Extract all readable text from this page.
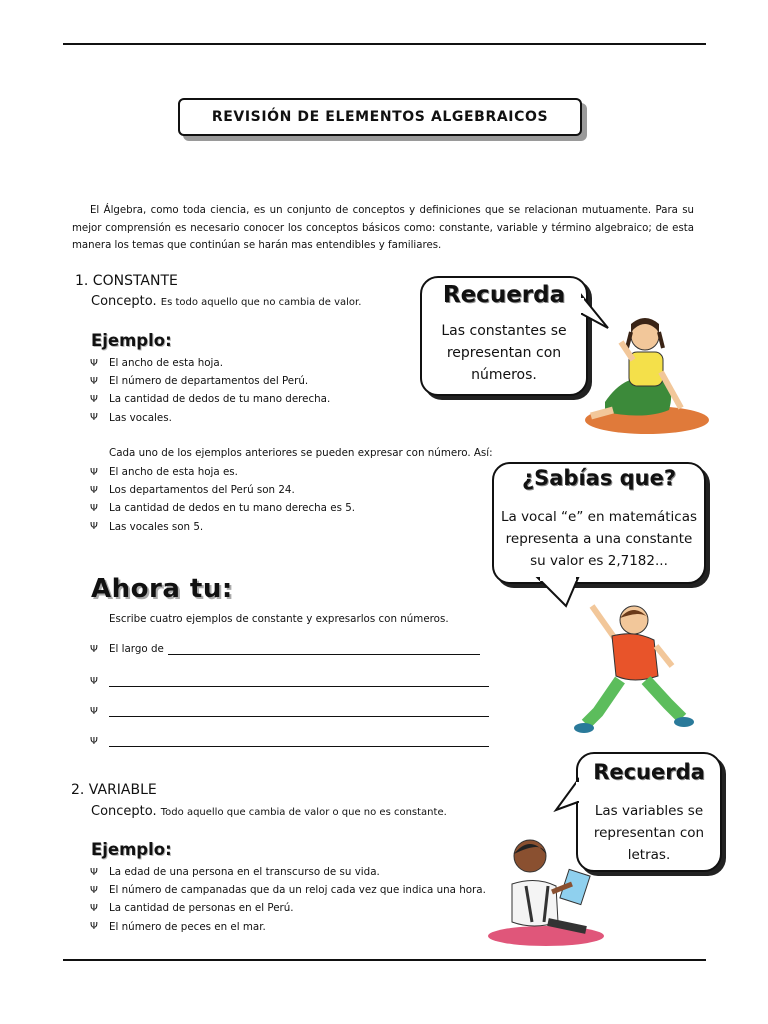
REVISIÓN DE ELEMENTOS ALGEBRAICOS
El Álgebra, como toda ciencia, es un conjunto de conceptos y definiciones que se relacionan mutuamente. Para su mejor comprensión es necesario conocer los conceptos básicos como: constante, variable y término algebraico; de esta manera los temas que continúan se harán mas entendibles y familiares.
1. CONSTANTE
Concepto. Es todo aquello que no cambia de valor.
Ejemplo:
Ψ	El ancho de esta hoja.
Ψ	El número de departamentos del Perú.
Ψ	La cantidad de dedos de tu mano derecha.
Ψ	Las vocales.
Cada uno de los ejemplos anteriores se pueden expresar con número. Así:
Ψ	El ancho de esta hoja es.
Ψ	Los departamentos del Perú son 24.
Ψ	La cantidad de dedos en tu mano derecha es 5.
Ψ	Las vocales son 5.
Ahora tu:
Escribe cuatro ejemplos de constante y expresarlos con números.
Ψ	El largo de
Ψ
Ψ
Ψ
2. VARIABLE
Concepto. Todo aquello que cambia de valor o que no es constante.
Ejemplo:
Ψ	La edad de una persona en el transcurso de su vida.
Ψ	El número de campanadas que da un reloj cada vez que indica una hora.
Ψ	La cantidad de personas en el Perú.
Ψ	El número de peces en el mar.
Recuerda
Las constantes se representan con números.
¿Sabías que?
La vocal “e” en matemáticas representa a una constante su valor es 2,7182...
Recuerda
Las variables se representan con letras.
